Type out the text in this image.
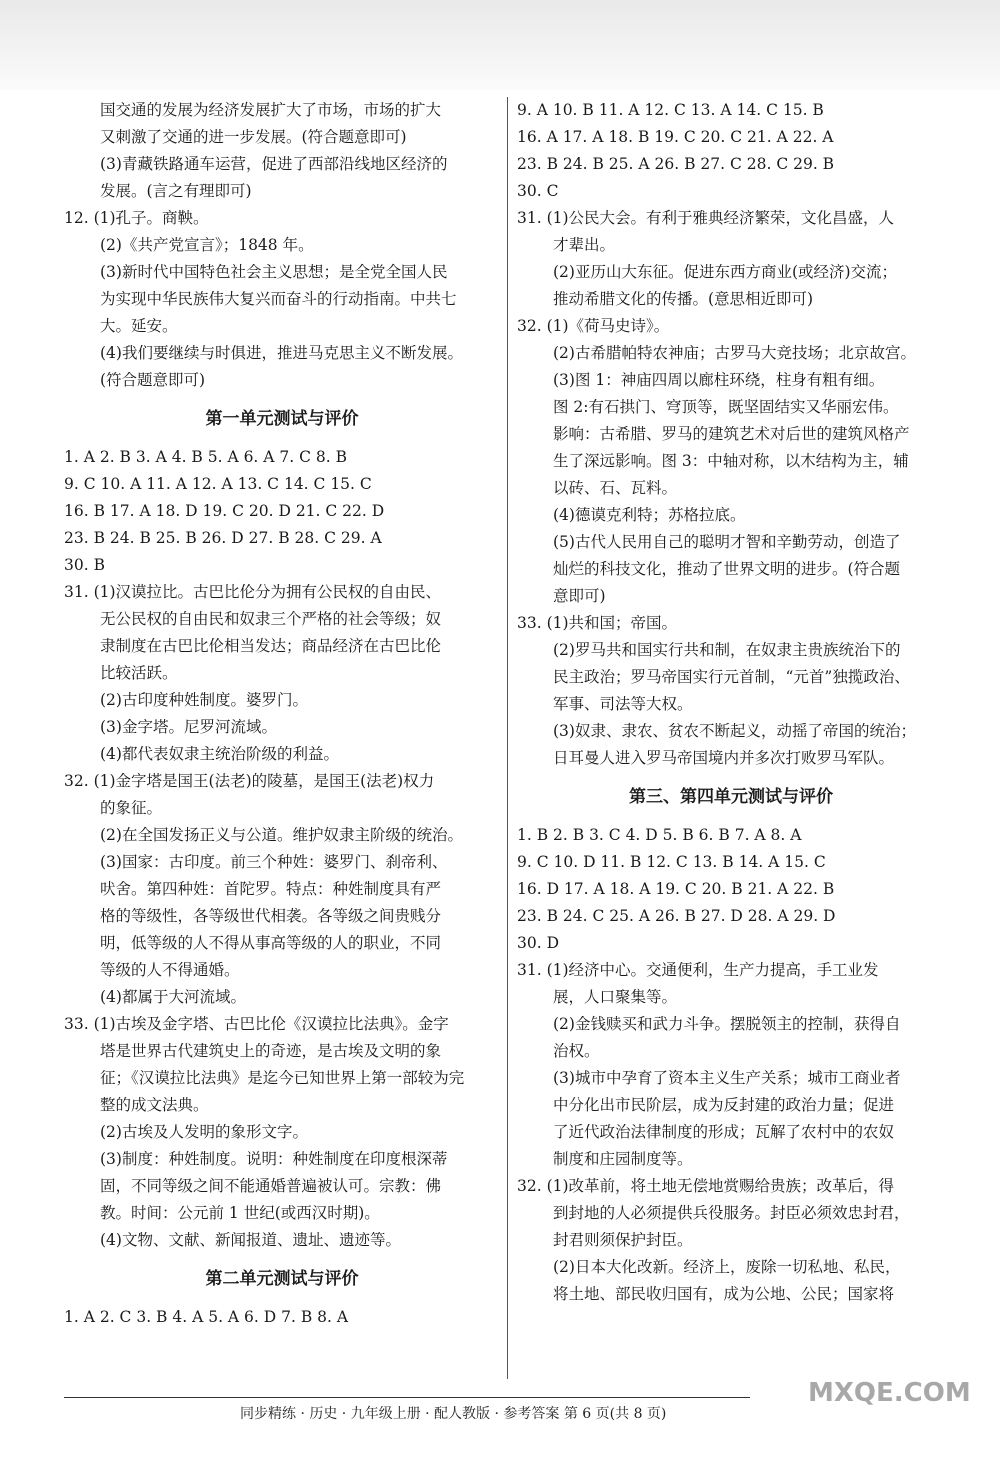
国交通的发展为经济发展扩大了市场，市场的扩大
又刺激了交通的进一步发展。(符合题意即可)
(3)青藏铁路通车运营，促进了西部沿线地区经济的
发展。(言之有理即可)
12. (1)孔子。商鞅。
(2)《共产党宣言》；1848 年。
(3)新时代中国特色社会主义思想；是全党全国人民
为实现中华民族伟大复兴而奋斗的行动指南。中共七
大。延安。
(4)我们要继续与时俱进，推进马克思主义不断发展。
(符合题意即可)
第一单元测试与评价
1. A 2. B 3. A 4. B 5. A 6. A 7. C 8. B
9. C 10. A 11. A 12. A 13. C 14. C 15. C
16. B 17. A 18. D 19. C 20. D 21. C 22. D
23. B 24. B 25. B 26. D 27. B 28. C 29. A
30. B
31. (1)汉谟拉比。古巴比伦分为拥有公民权的自由民、
无公民权的自由民和奴隶三个严格的社会等级；奴
隶制度在古巴比伦相当发达；商品经济在古巴比伦
比较活跃。
(2)古印度种姓制度。婆罗门。
(3)金字塔。尼罗河流域。
(4)都代表奴隶主统治阶级的利益。
32. (1)金字塔是国王(法老)的陵墓，是国王(法老)权力
的象征。
(2)在全国发扬正义与公道。维护奴隶主阶级的统治。
(3)国家：古印度。前三个种姓：婆罗门、刹帝利、
吠舍。第四种姓：首陀罗。特点：种姓制度具有严
格的等级性，各等级世代相袭。各等级之间贵贱分
明，低等级的人不得从事高等级的人的职业，不同
等级的人不得通婚。
(4)都属于大河流域。
33. (1)古埃及金字塔、古巴比伦《汉谟拉比法典》。金字
塔是世界古代建筑史上的奇迹，是古埃及文明的象
征；《汉谟拉比法典》是迄今已知世界上第一部较为完
整的成文法典。
(2)古埃及人发明的象形文字。
(3)制度：种姓制度。说明：种姓制度在印度根深蒂
固，不同等级之间不能通婚普遍被认可。宗教：佛
教。时间：公元前 1 世纪(或西汉时期)。
(4)文物、文献、新闻报道、遗址、遗迹等。
第二单元测试与评价
1. A 2. C 3. B 4. A 5. A 6. D 7. B 8. A
9. A 10. B 11. A 12. C 13. A 14. C 15. B
16. A 17. A 18. B 19. C 20. C 21. A 22. A
23. B 24. B 25. A 26. B 27. C 28. C 29. B
30. C
31. (1)公民大会。有利于雅典经济繁荣，文化昌盛，人
才辈出。
(2)亚历山大东征。促进东西方商业(或经济)交流；
推动希腊文化的传播。(意思相近即可)
32. (1)《荷马史诗》。
(2)古希腊帕特农神庙；古罗马大竞技场；北京故宫。
(3)图 1：神庙四周以廊柱环绕，柱身有粗有细。
图 2:有石拱门、穹顶等，既坚固结实又华丽宏伟。
影响：古希腊、罗马的建筑艺术对后世的建筑风格产
生了深远影响。图 3：中轴对称，以木结构为主，辅
以砖、石、瓦料。
(4)德谟克利特；苏格拉底。
(5)古代人民用自己的聪明才智和辛勤劳动，创造了
灿烂的科技文化，推动了世界文明的进步。(符合题
意即可)
33. (1)共和国；帝国。
(2)罗马共和国实行共和制，在奴隶主贵族统治下的
民主政治；罗马帝国实行元首制，“元首”独揽政治、
军事、司法等大权。
(3)奴隶、隶农、贫农不断起义，动摇了帝国的统治；
日耳曼人进入罗马帝国境内并多次打败罗马军队。
第三、第四单元测试与评价
1. B 2. B 3. C 4. D 5. B 6. B 7. A 8. A
9. C 10. D 11. B 12. C 13. B 14. A 15. C
16. D 17. A 18. A 19. C 20. B 21. A 22. B
23. B 24. C 25. A 26. B 27. D 28. A 29. D
30. D
31. (1)经济中心。交通便利，生产力提高，手工业发
展，人口聚集等。
(2)金钱赎买和武力斗争。摆脱领主的控制，获得自
治权。
(3)城市中孕育了资本主义生产关系；城市工商业者
中分化出市民阶层，成为反封建的政治力量；促进
了近代政治法律制度的形成；瓦解了农村中的农奴
制度和庄园制度等。
32. (1)改革前，将土地无偿地赏赐给贵族；改革后，得
到封地的人必须提供兵役服务。封臣必须效忠封君，
封君则须保护封臣。
(2)日本大化改新。经济上，废除一切私地、私民，
将土地、部民收归国有，成为公地、公民；国家将
同步精练 · 历史 · 九年级上册 · 配人教版 · 参考答案 第 6 页(共 8 页)
MXQE.COM
